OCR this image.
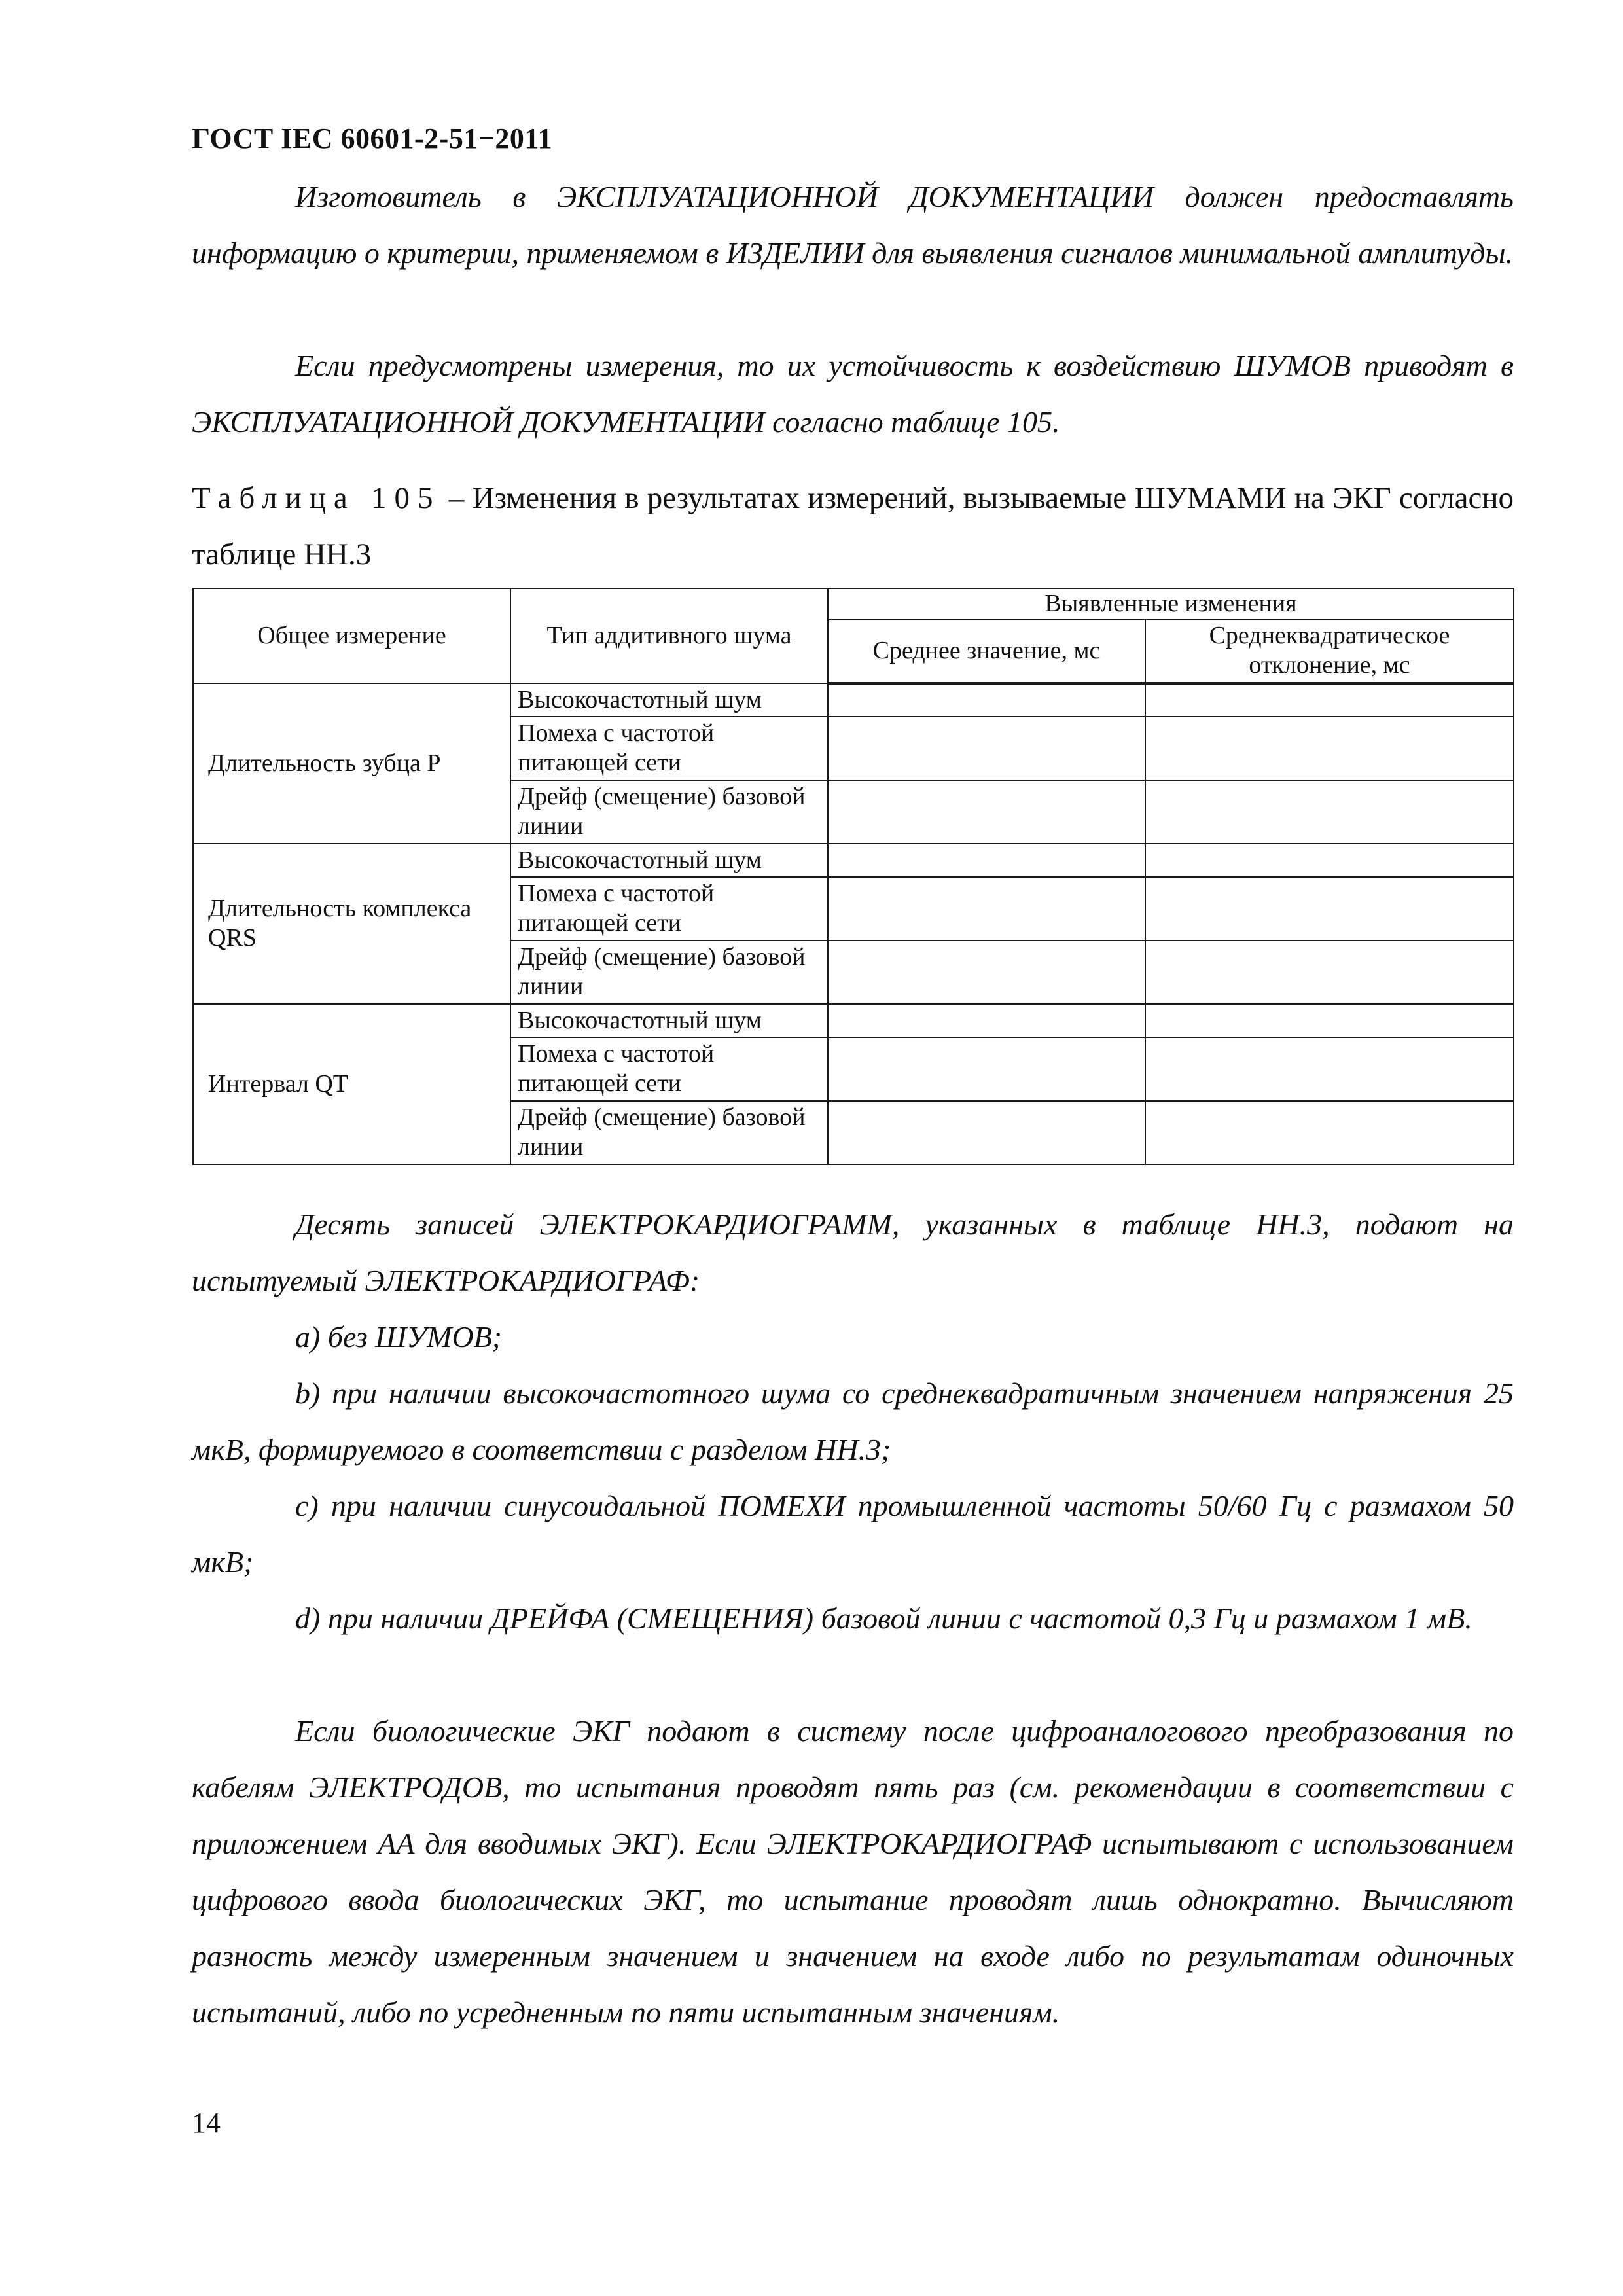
ГОСТ IEC 60601-2-51−2011

Изготовитель в ЭКСПЛУАТАЦИОННОЙ ДОКУМЕНТАЦИИ должен предоставлять информацию о критерии, применяемом в ИЗДЕЛИИ для выявления сигналов минимальной амплитуды.

Если предусмотрены измерения, то их устойчивость к воздействию ШУМОВ приводят в ЭКСПЛУАТАЦИОННОЙ ДОКУМЕНТАЦИИ согласно таблице 105.

Таблица 105 – Изменения в результатах измерений, вызываемые ШУМАМИ на ЭКГ согласно таблице НН.3

Общее измерение	Тип аддитивного шума	Выявленные изменения	
		Среднее значение, мс	Среднеквадратическое отклонение, мс
Длительность зубца P	Высокочастотный шум		
	Помеха с частотой питающей сети		
	Дрейф (смещение) базовой линии		
Длительность комплекса QRS	Высокочастотный шум		
	Помеха с частотой питающей сети		
	Дрейф (смещение) базовой линии		
Интервал QT	Высокочастотный шум		
	Помеха с частотой питающей сети		
	Дрейф (смещение) базовой линии		

Десять записей ЭЛЕКТРОКАРДИОГРАММ, указанных в таблице НН.3, подают на испытуемый ЭЛЕКТРОКАРДИОГРАФ:

а) без ШУМОВ;

b) при наличии высокочастотного шума со среднеквадратичным значением напряжения 25 мкВ, формируемого в соответствии с разделом НН.3;

c) при наличии синусоидальной ПОМЕХИ промышленной частоты 50/60 Гц с размахом 50 мкВ;

d) при наличии ДРЕЙФА (СМЕЩЕНИЯ) базовой линии с частотой 0,3 Гц и размахом 1 мВ.

Если биологические ЭКГ подают в систему после цифроаналогового преобразования по кабелям ЭЛЕКТРОДОВ, то испытания проводят пять раз (см. рекомендации в соответствии с приложением АА для вводимых ЭКГ). Если ЭЛЕКТРОКАРДИОГРАФ испытывают с использованием цифрового ввода биологических ЭКГ, то испытание проводят лишь однократно. Вычисляют разность между измеренным значением и значением на входе либо по результатам одиночных испытаний, либо по усредненным по пяти испытанным значениям.

14
